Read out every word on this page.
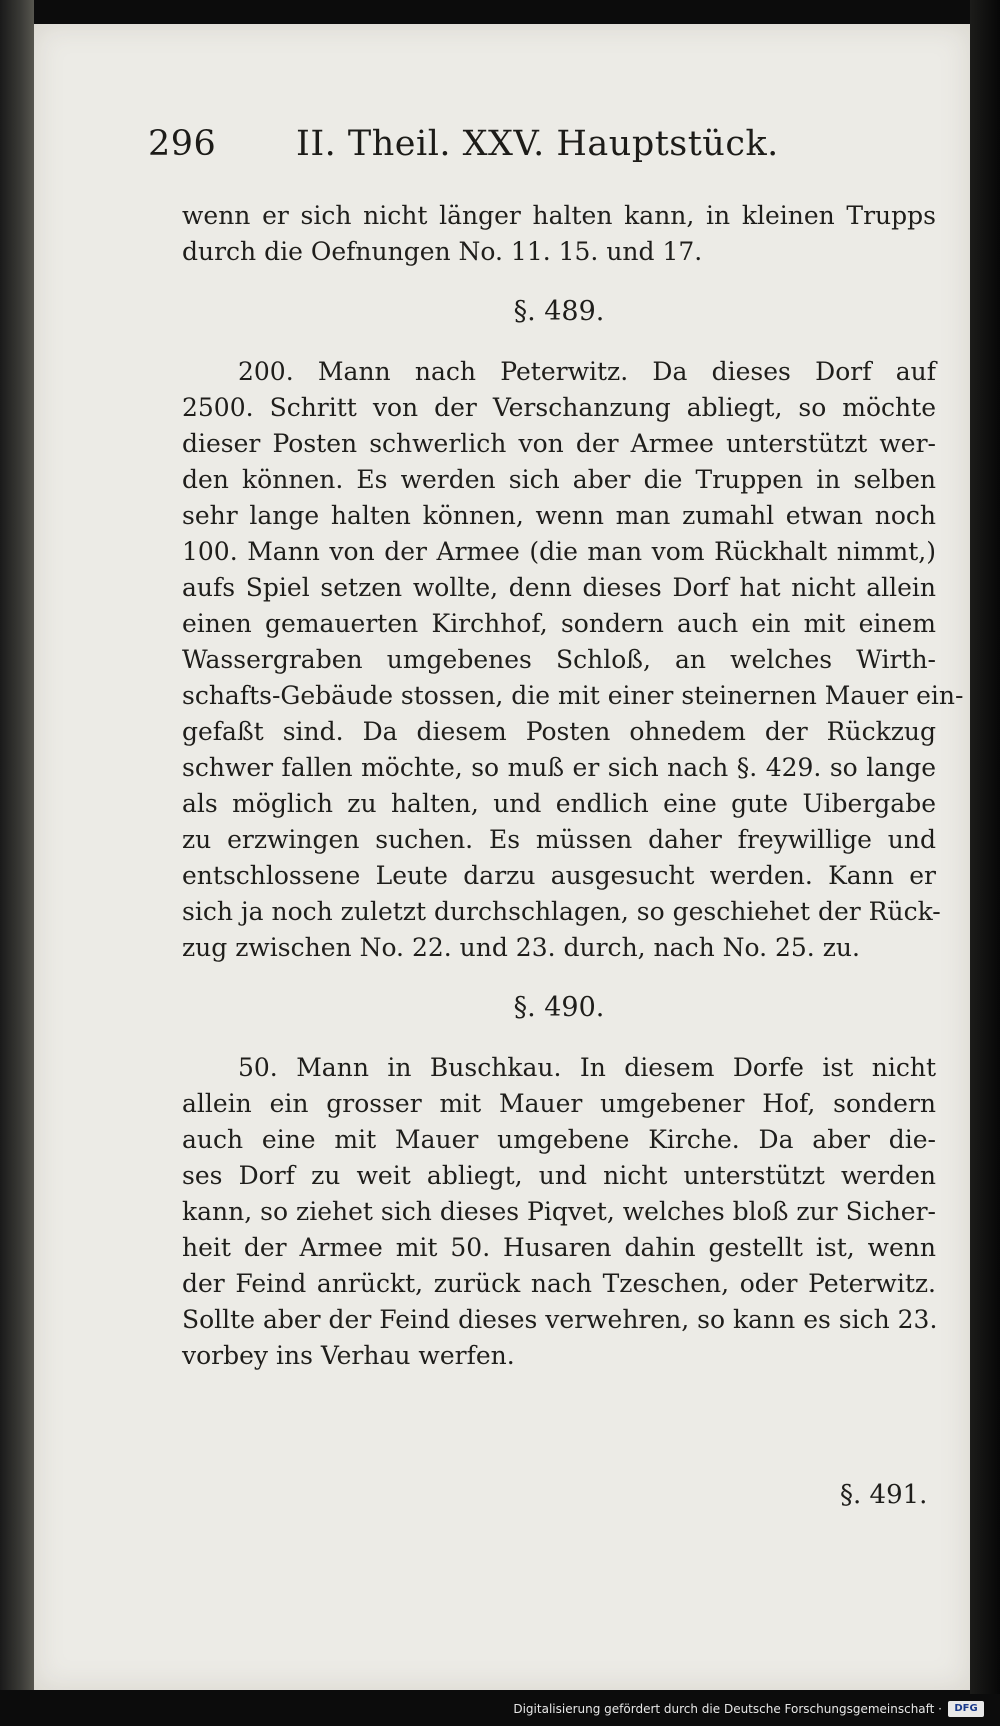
296 II. Theil. XXV. Hauptstück.
wenn er sich nicht länger halten kann, in kleinen Trupps
durch die Oefnungen No. 11. 15. und 17.
§. 489.
200. Mann nach Peterwitz. Da dieses Dorf auf
2500. Schritt von der Verschanzung abliegt, so möchte
dieser Posten schwerlich von der Armee unterstützt wer-
den können. Es werden sich aber die Truppen in selben
sehr lange halten können, wenn man zumahl etwan noch
100. Mann von der Armee (die man vom Rückhalt nimmt,)
aufs Spiel setzen wollte, denn dieses Dorf hat nicht allein
einen gemauerten Kirchhof, sondern auch ein mit einem
Wassergraben umgebenes Schloß, an welches Wirth-
schafts-Gebäude stossen, die mit einer steinernen Mauer ein-
gefaßt sind. Da diesem Posten ohnedem der Rückzug
schwer fallen möchte, so muß er sich nach §. 429. so lange
als möglich zu halten, und endlich eine gute Uibergabe
zu erzwingen suchen. Es müssen daher freywillige und
entschlossene Leute darzu ausgesucht werden. Kann er
sich ja noch zuletzt durchschlagen, so geschiehet der Rück-
zug zwischen No. 22. und 23. durch, nach No. 25. zu.
§. 490.
50. Mann in Buschkau. In diesem Dorfe ist nicht
allein ein grosser mit Mauer umgebener Hof, sondern
auch eine mit Mauer umgebene Kirche. Da aber die-
ses Dorf zu weit abliegt, und nicht unterstützt werden
kann, so ziehet sich dieses Piqvet, welches bloß zur Sicher-
heit der Armee mit 50. Husaren dahin gestellt ist, wenn
der Feind anrückt, zurück nach Tzeschen, oder Peterwitz.
Sollte aber der Feind dieses verwehren, so kann es sich 23.
vorbey ins Verhau werfen.
§. 491.
Digitalisierung gefördert durch die Deutsche Forschungsgemeinschaft ·	DFG
